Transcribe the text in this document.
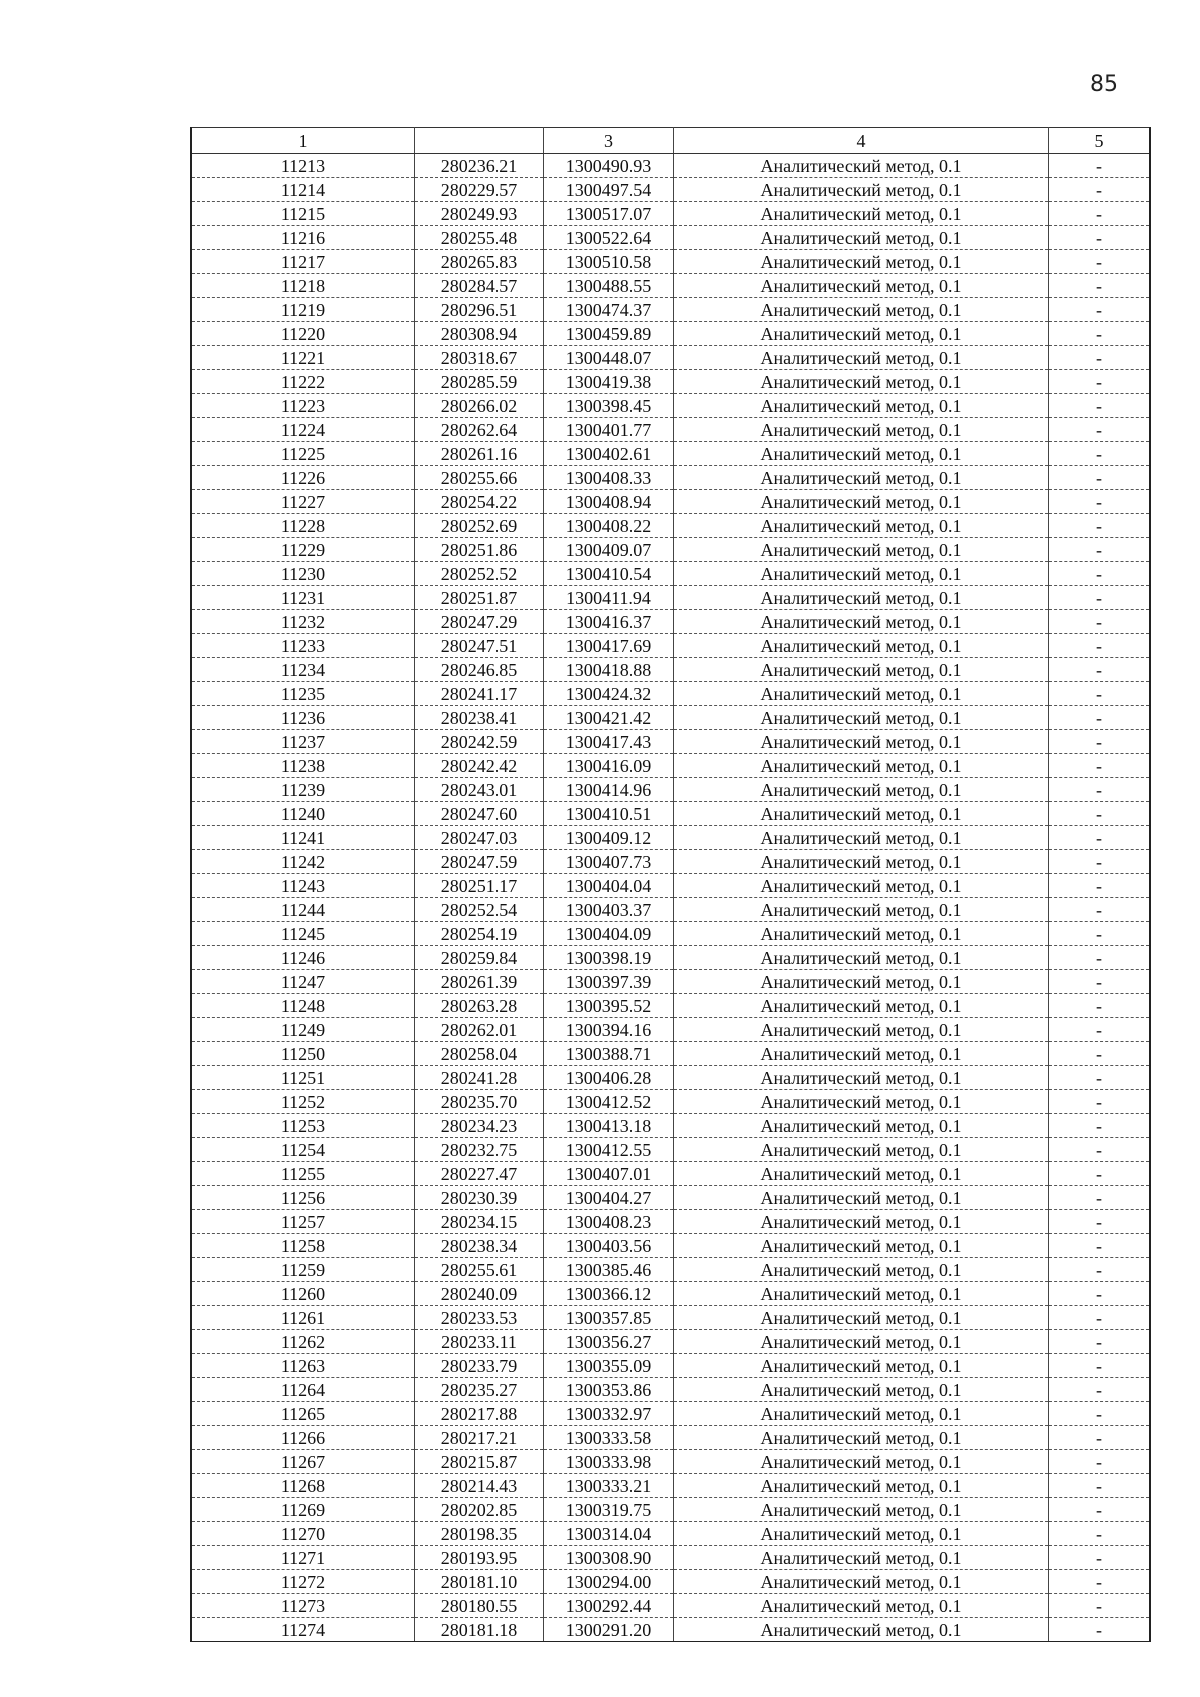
85
1		3	4	5
11213	280236.21	1300490.93	Аналитический метод, 0.1	-
11214	280229.57	1300497.54	Аналитический метод, 0.1	-
11215	280249.93	1300517.07	Аналитический метод, 0.1	-
11216	280255.48	1300522.64	Аналитический метод, 0.1	-
11217	280265.83	1300510.58	Аналитический метод, 0.1	-
11218	280284.57	1300488.55	Аналитический метод, 0.1	-
11219	280296.51	1300474.37	Аналитический метод, 0.1	-
11220	280308.94	1300459.89	Аналитический метод, 0.1	-
11221	280318.67	1300448.07	Аналитический метод, 0.1	-
11222	280285.59	1300419.38	Аналитический метод, 0.1	-
11223	280266.02	1300398.45	Аналитический метод, 0.1	-
11224	280262.64	1300401.77	Аналитический метод, 0.1	-
11225	280261.16	1300402.61	Аналитический метод, 0.1	-
11226	280255.66	1300408.33	Аналитический метод, 0.1	-
11227	280254.22	1300408.94	Аналитический метод, 0.1	-
11228	280252.69	1300408.22	Аналитический метод, 0.1	-
11229	280251.86	1300409.07	Аналитический метод, 0.1	-
11230	280252.52	1300410.54	Аналитический метод, 0.1	-
11231	280251.87	1300411.94	Аналитический метод, 0.1	-
11232	280247.29	1300416.37	Аналитический метод, 0.1	-
11233	280247.51	1300417.69	Аналитический метод, 0.1	-
11234	280246.85	1300418.88	Аналитический метод, 0.1	-
11235	280241.17	1300424.32	Аналитический метод, 0.1	-
11236	280238.41	1300421.42	Аналитический метод, 0.1	-
11237	280242.59	1300417.43	Аналитический метод, 0.1	-
11238	280242.42	1300416.09	Аналитический метод, 0.1	-
11239	280243.01	1300414.96	Аналитический метод, 0.1	-
11240	280247.60	1300410.51	Аналитический метод, 0.1	-
11241	280247.03	1300409.12	Аналитический метод, 0.1	-
11242	280247.59	1300407.73	Аналитический метод, 0.1	-
11243	280251.17	1300404.04	Аналитический метод, 0.1	-
11244	280252.54	1300403.37	Аналитический метод, 0.1	-
11245	280254.19	1300404.09	Аналитический метод, 0.1	-
11246	280259.84	1300398.19	Аналитический метод, 0.1	-
11247	280261.39	1300397.39	Аналитический метод, 0.1	-
11248	280263.28	1300395.52	Аналитический метод, 0.1	-
11249	280262.01	1300394.16	Аналитический метод, 0.1	-
11250	280258.04	1300388.71	Аналитический метод, 0.1	-
11251	280241.28	1300406.28	Аналитический метод, 0.1	-
11252	280235.70	1300412.52	Аналитический метод, 0.1	-
11253	280234.23	1300413.18	Аналитический метод, 0.1	-
11254	280232.75	1300412.55	Аналитический метод, 0.1	-
11255	280227.47	1300407.01	Аналитический метод, 0.1	-
11256	280230.39	1300404.27	Аналитический метод, 0.1	-
11257	280234.15	1300408.23	Аналитический метод, 0.1	-
11258	280238.34	1300403.56	Аналитический метод, 0.1	-
11259	280255.61	1300385.46	Аналитический метод, 0.1	-
11260	280240.09	1300366.12	Аналитический метод, 0.1	-
11261	280233.53	1300357.85	Аналитический метод, 0.1	-
11262	280233.11	1300356.27	Аналитический метод, 0.1	-
11263	280233.79	1300355.09	Аналитический метод, 0.1	-
11264	280235.27	1300353.86	Аналитический метод, 0.1	-
11265	280217.88	1300332.97	Аналитический метод, 0.1	-
11266	280217.21	1300333.58	Аналитический метод, 0.1	-
11267	280215.87	1300333.98	Аналитический метод, 0.1	-
11268	280214.43	1300333.21	Аналитический метод, 0.1	-
11269	280202.85	1300319.75	Аналитический метод, 0.1	-
11270	280198.35	1300314.04	Аналитический метод, 0.1	-
11271	280193.95	1300308.90	Аналитический метод, 0.1	-
11272	280181.10	1300294.00	Аналитический метод, 0.1	-
11273	280180.55	1300292.44	Аналитический метод, 0.1	-
11274	280181.18	1300291.20	Аналитический метод, 0.1	-
